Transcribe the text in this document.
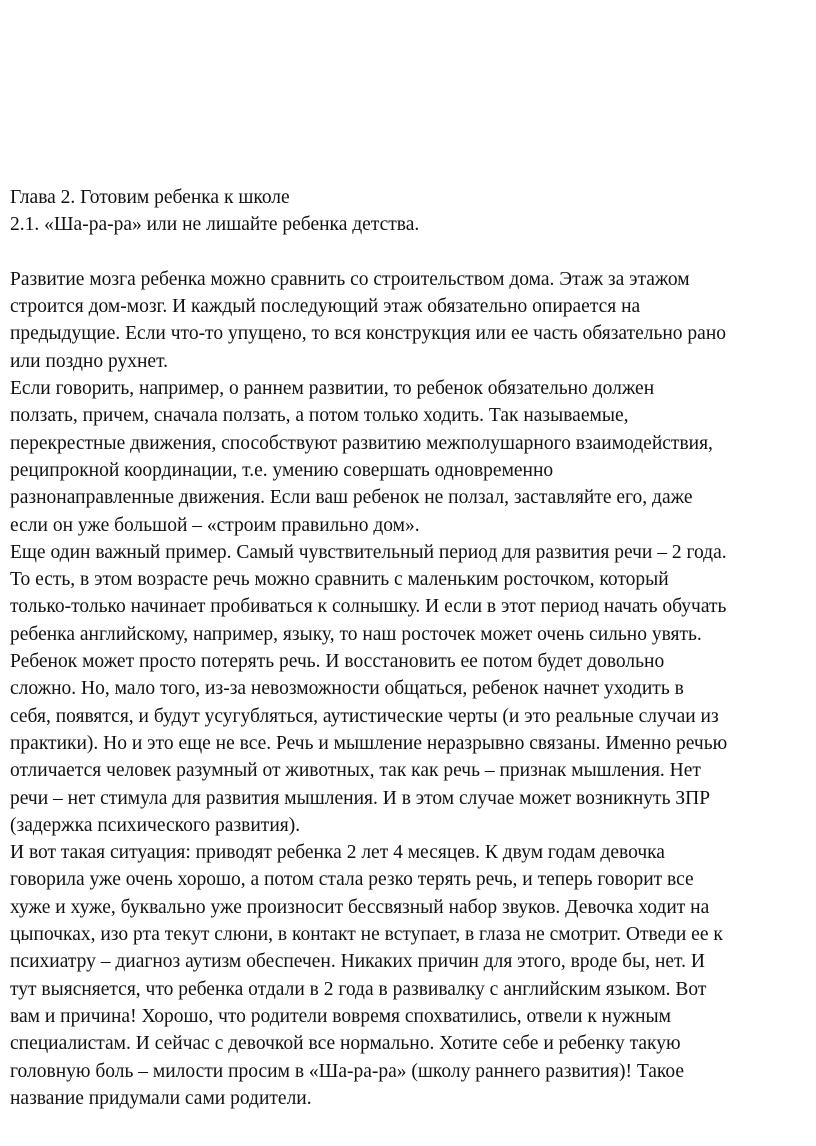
Глава 2. Готовим ребенка к школе
2.1. «Ша-ра-ра» или не лишайте ребенка детства.
Развитие мозга ребенка можно сравнить со строительством дома. Этаж за этажом
строится дом-мозг. И каждый последующий этаж обязательно опирается на
предыдущие. Если что-то упущено, то вся конструкция или ее часть обязательно рано
или поздно рухнет.
Если говорить, например, о раннем развитии, то ребенок обязательно должен
ползать, причем, сначала ползать, а потом только ходить. Так называемые,
перекрестные движения, способствуют развитию межполушарного взаимодействия,
реципрокной координации, т.е. умению совершать одновременно
разнонаправленные движения. Если ваш ребенок не ползал, заставляйте его, даже
если он уже большой – «строим правильно дом».
Еще один важный пример. Самый чувствительный период для развития речи – 2 года.
То есть, в этом возрасте речь можно сравнить с маленьким росточком, который
только-только начинает пробиваться к солнышку. И если в этот период начать обучать
ребенка английскому, например, языку, то наш росточек может очень сильно увять.
Ребенок может просто потерять речь. И восстановить ее потом будет довольно
сложно. Но, мало того, из-за невозможности общаться, ребенок начнет уходить в
себя, появятся, и будут усугубляться, аутистические черты (и это реальные случаи из
практики). Но и это еще не все. Речь и мышление неразрывно связаны. Именно речью
отличается человек разумный от животных, так как речь – признак мышления. Нет
речи – нет стимула для развития мышления. И в этом случае может возникнуть ЗПР
(задержка психического развития).
И вот такая ситуация: приводят ребенка 2 лет 4 месяцев. К двум годам девочка
говорила уже очень хорошо, а потом стала резко терять речь, и теперь говорит все
хуже и хуже, буквально уже произносит бессвязный набор звуков. Девочка ходит на
цыпочках, изо рта текут слюни, в контакт не вступает, в глаза не смотрит. Отведи ее к
психиатру – диагноз аутизм обеспечен. Никаких причин для этого, вроде бы, нет. И
тут выясняется, что ребенка отдали в 2 года в развивалку с английским языком. Вот
вам и причина! Хорошо, что родители вовремя спохватились, отвели к нужным
специалистам. И сейчас с девочкой все нормально. Хотите себе и ребенку такую
головную боль – милости просим в «Ша-ра-ра» (школу раннего развития)! Такое
название придумали сами родители.
